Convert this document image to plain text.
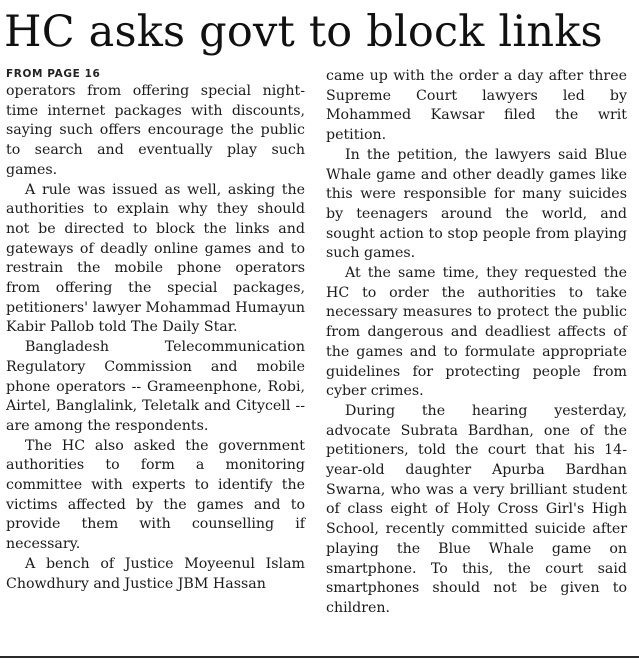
HC asks govt to block links
FROM PAGE 16

operators from offering special night-time internet packages with discounts, saying such offers encourage the public to search and eventually play such games.

A rule was issued as well, asking the authorities to explain why they should not be directed to block the links and gateways of deadly online games and to restrain the mobile phone operators from offering the special packages, petitioners' lawyer Mohammad Humayun Kabir Pallob told The Daily Star.

Bangladesh Telecommunication Regulatory Commission and mobile phone operators -- Grameenphone, Robi, Airtel, Banglalink, Teletalk and Citycell -- are among the respondents.

The HC also asked the government authorities to form a monitoring committee with experts to identify the victims affected by the games and to provide them with counselling if necessary.

A bench of Justice Moyeenul Islam Chowdhury and Justice JBM Hassan

came up with the order a day after three Supreme Court lawyers led by Mohammed Kawsar filed the writ petition.

In the petition, the lawyers said Blue Whale game and other deadly games like this were responsible for many suicides by teenagers around the world, and sought action to stop people from playing such games.

At the same time, they requested the HC to order the authorities to take necessary measures to protect the public from dangerous and deadliest affects of the games and to formulate appropriate guidelines for protecting people from cyber crimes.

During the hearing yesterday, advocate Subrata Bardhan, one of the petitioners, told the court that his 14-year-old daughter Apurba Bardhan Swarna, who was a very brilliant student of class eight of Holy Cross Girl's High School, recently committed suicide after playing the Blue Whale game on smartphone. To this, the court said smartphones should not be given to children.
